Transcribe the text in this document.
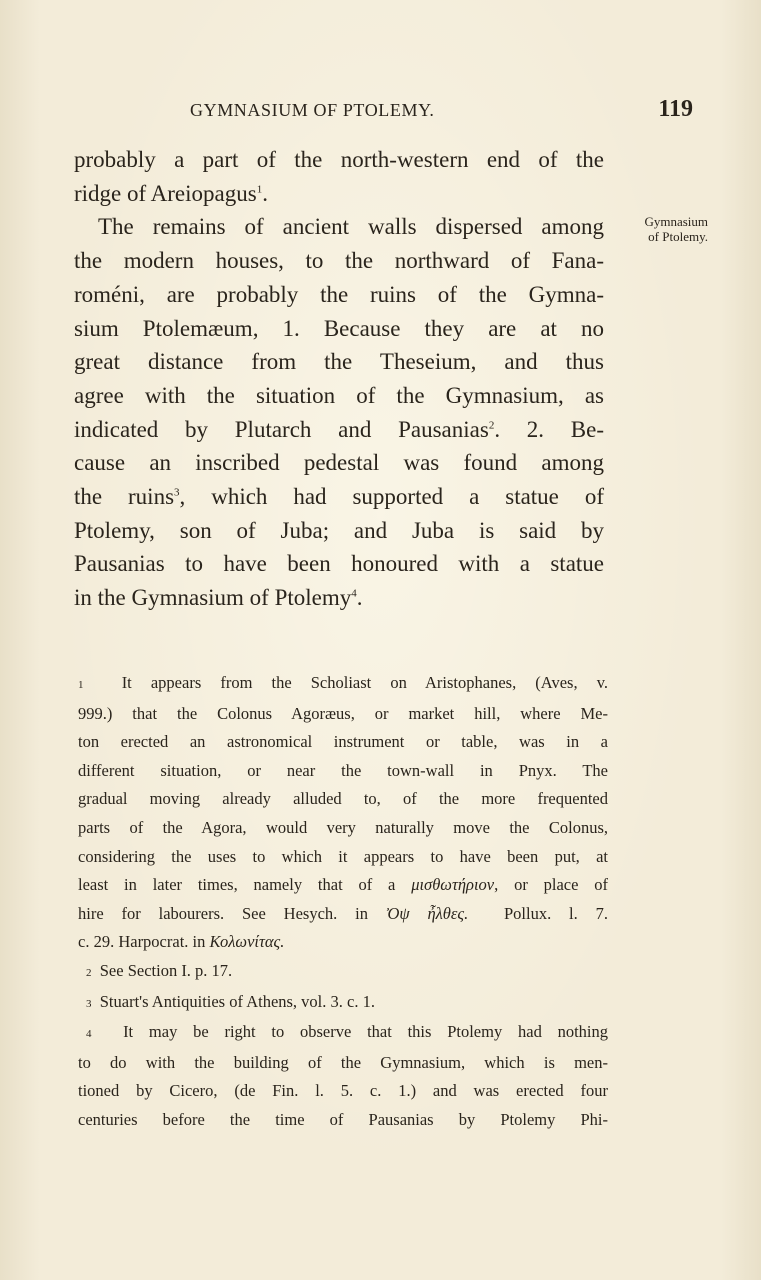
GYMNASIUM OF PTOLEMY.	119
Gymnasium
of Ptolemy.
probably a part of the north-western end of the
ridge of Areiopagus$^1$.
The remains of ancient walls dispersed among
the modern houses, to the northward of Fana-
roméni, are probably the ruins of the Gymna-
sium Ptolemæum, 1. Because they are at no
great distance from the Theseium, and thus
agree with the situation of the Gymnasium, as
indicated by Plutarch and Pausanias$^2$. 2. Be-
cause an inscribed pedestal was found among
the ruins$^3$, which had supported a statue of
Ptolemy, son of Juba; and Juba is said by
Pausanias to have been honoured with a statue
in the Gymnasium of Ptolemy$^4$.
1 It appears from the Scholiast on Aristophanes, (Aves, v.
999.) that the Colonus Agoræus, or market hill, where Me-
ton erected an astronomical instrument or table, was in a
different situation, or near the town-wall in Pnyx. The
gradual moving already alluded to, of the more frequented
parts of the Agora, would very naturally move the Colonus,
considering the uses to which it appears to have been put, at
least in later times, namely that of a μισθωτήριον, or place of
hire for labourers. See Hesych. in Ὀψ ἦλθες. Pollux. l. 7.
c. 29. Harpocrat. in Κολωνίτας.
2 See Section I. p. 17.
3 Stuart's Antiquities of Athens, vol. 3. c. 1.
4 It may be right to observe that this Ptolemy had nothing
to do with the building of the Gymnasium, which is men-
tioned by Cicero, (de Fin. l. 5. c. 1.) and was erected four
centuries before the time of Pausanias by Ptolemy Phi-
